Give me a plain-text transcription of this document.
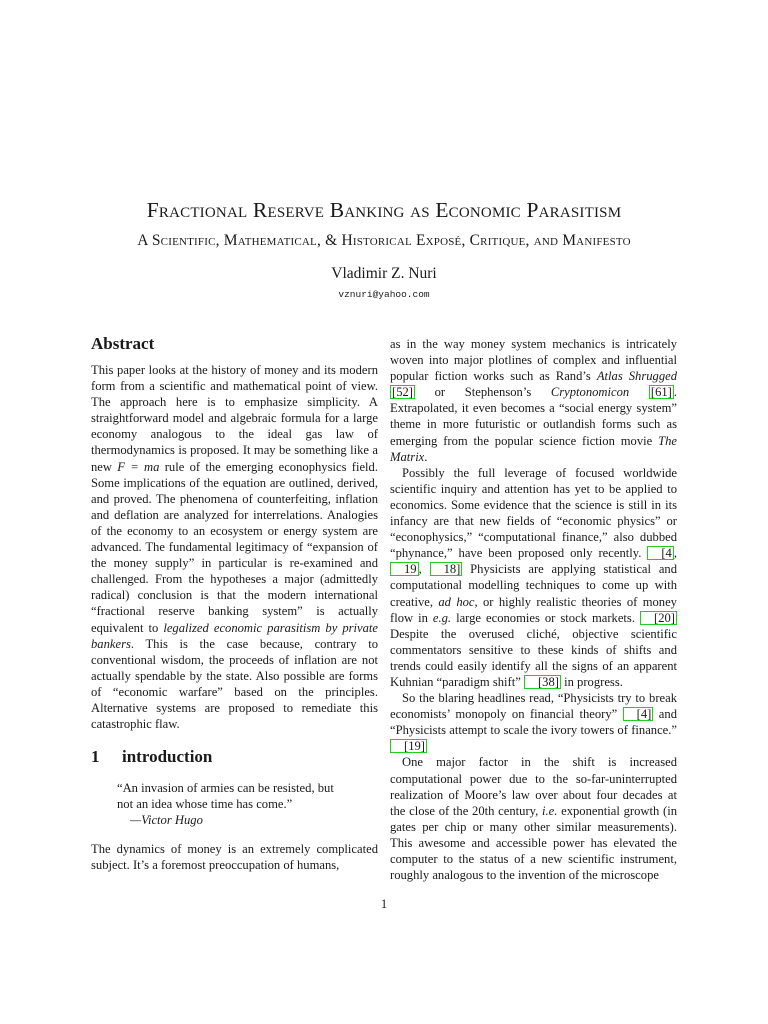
Fractional Reserve Banking as Economic Parasitism
A Scientific, Mathematical, & Historical Exposé, Critique, and Manifesto
Vladimir Z. Nuri
vznuri@yahoo.com
Abstract

This paper looks at the history of money and its modern form from a scientific and mathematical point of view. The approach here is to emphasize simplicity. A straightforward model and algebraic formula for a large economy analogous to the ideal gas law of thermodynamics is proposed. It may be something like a new F = ma rule of the emerging econophysics field. Some implications of the equation are outlined, derived, and proved. The phenomena of counterfeiting, inflation and deflation are analyzed for interrelations. Analogies of the economy to an ecosystem or energy system are advanced. The fundamental legitimacy of “expansion of the money supply” in particular is re-examined and challenged. From the hypotheses a major (admittedly radical) conclusion is that the modern international “fractional reserve banking system” is actually equivalent to legalized economic parasitism by private bankers. This is the case because, contrary to conventional wisdom, the proceeds of inflation are not actually spendable by the state. Also possible are forms of “economic warfare” based on the principles. Alternative systems are proposed to remediate this catastrophic flaw.

1 introduction
“An invasion of armies can be resisted, but
not an idea whose time has come.”
—Victor Hugo
The dynamics of money is an extremely complicated subject. It’s a foremost preoccupation of humans,

as in the way money system mechanics is intricately woven into major plotlines of complex and influential popular fiction works such as Rand’s Atlas Shrugged [52] or Stephenson’s Cryptonomicon [61] . Extrapolated, it even becomes a “social energy system” theme in more futuristic or outlandish forms such as emerging from the popular science fiction movie The Matrix.

Possibly the full leverage of focused worldwide scientific inquiry and attention has yet to be applied to economics. Some evidence that the science is still in its infancy are that new fields of “economic physics” or “econophysics,” “computational finance,” also dubbed “phynance,” have been proposed only recently. [4 , 19 , 18] Physicists are applying statistical and computational modelling techniques to come up with creative, ad hoc, or highly realistic theories of money flow in e.g. large economies or stock markets. [20] Despite the overused cliché, objective scientific commentators sensitive to these kinds of shifts and trends could easily identify all the signs of an apparent Kuhnian “paradigm shift” [38] in progress.

So the blaring headlines read, “Physicists try to break economists’ monopoly on financial theory” [4] and “Physicists attempt to scale the ivory towers of finance.” [19]

One major factor in the shift is increased computational power due to the so-far-uninterrupted realization of Moore’s law over about four decades at the close of the 20th century, i.e. exponential growth (in gates per chip or many other similar measurements). This awesome and accessible power has elevated the computer to the status of a new scientific instrument, roughly analogous to the invention of the microscope

1
